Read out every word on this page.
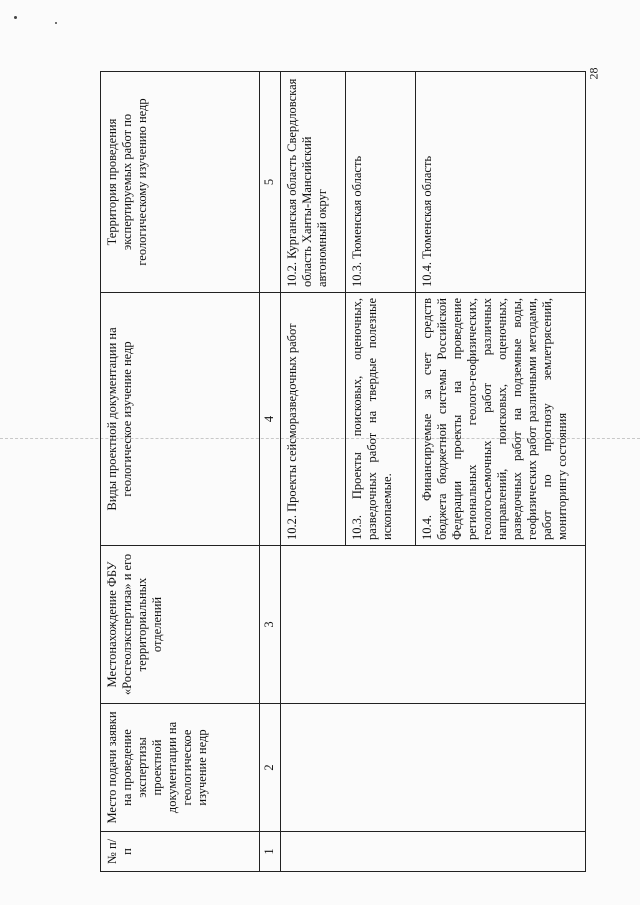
28
№ п/п	Место подачи заявки на проведение экспертизы проектной документации на геологическое изучение недр	Местонахождение ФБУ «Росгеолэкспертиза» и его территориальных отделений	Виды проектной документации на геологическое изучение недр	Территория проведения экспертируемых работ по геологическому изучению недр
1	2	3	4	5
			10.2. Проекты сейсморазведочных работ	10.2. Курганская область Свердловская область Ханты-Мансийский автономный округ
			10.3. Проекты поисковых, оценочных, разведочных работ на твердые полезные ископаемые.	10.3. Тюменская область
			10.4. Финансируемые за счет средств бюджета бюджетной системы Российской Федерации проекты на проведение региональных геолого-геофизических, геологосъемочных работ различных направлений, поисковых, оценочных, разведочных работ на подземные воды, геофизических работ различными методами, работ по прогнозу землетрясений, мониторингу состояния	10.4. Тюменская область
